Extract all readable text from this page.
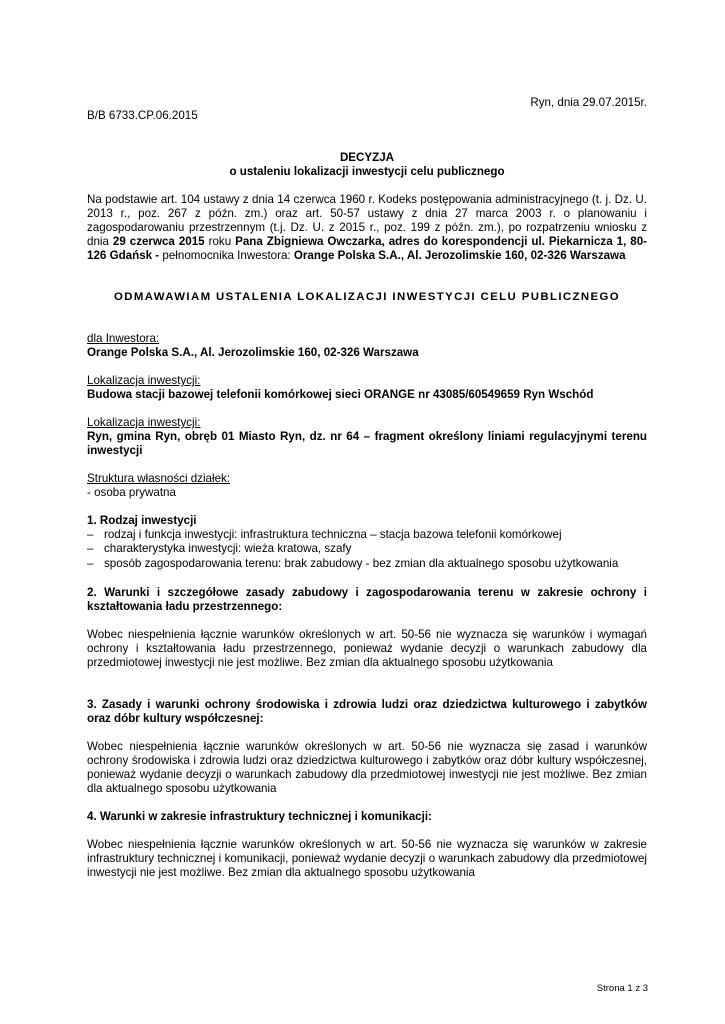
Ryn, dnia 29.07.2015r.
B/B 6733.CP.06.2015
DECYZJA
o ustaleniu lokalizacji inwestycji celu publicznego
Na podstawie art. 104 ustawy z dnia 14 czerwca 1960 r. Kodeks postępowania administracyjnego (t. j. Dz. U. 2013 r., poz. 267 z późn. zm.) oraz art. 50-57 ustawy z dnia 27 marca 2003 r. o planowaniu i zagospodarowaniu przestrzennym (t.j. Dz. U. z 2015 r., poz. 199 z późn. zm.), po rozpatrzeniu wniosku z dnia 29 czerwca 2015 roku Pana Zbigniewa Owczarka, adres do korespondencji ul. Piekarnicza 1, 80-126 Gdańsk - pełnomocnika Inwestora: Orange Polska S.A., Al. Jerozolimskie 160, 02-326 Warszawa
ODMAWAWIAM USTALENIA LOKALIZACJI INWESTYCJI CELU PUBLICZNEGO
dla Inwestora:
Orange Polska S.A., Al. Jerozolimskie 160, 02-326 Warszawa
Lokalizacja inwestycji:
Budowa stacji bazowej telefonii komórkowej sieci ORANGE nr 43085/60549659 Ryn Wschód
Lokalizacja inwestycji:
Ryn, gmina Ryn, obręb 01 Miasto Ryn, dz. nr 64 – fragment określony liniami regulacyjnymi terenu inwestycji
Struktura własności działek:
- osoba prywatna
1. Rodzaj inwestycji
– rodzaj i funkcja inwestycji: infrastruktura techniczna – stacja bazowa telefonii komórkowej
– charakterystyka inwestycji: wieża kratowa, szafy
– sposób zagospodarowania terenu: brak zabudowy - bez zmian dla aktualnego sposobu użytkowania
2. Warunki i szczegółowe zasady zabudowy i zagospodarowania terenu w zakresie ochrony i kształtowania ładu przestrzennego:
Wobec niespełnienia łącznie warunków określonych w art. 50-56 nie wyznacza się warunków i wymagań ochrony i kształtowania ładu przestrzennego, ponieważ wydanie decyzji o warunkach zabudowy dla przedmiotowej inwestycji nie jest możliwe. Bez zmian dla aktualnego sposobu użytkowania
3. Zasady i warunki ochrony środowiska i zdrowia ludzi oraz dziedzictwa kulturowego i zabytków oraz dóbr kultury współczesnej:
Wobec niespełnienia łącznie warunków określonych w art. 50-56 nie wyznacza się zasad i warunków ochrony środowiska i zdrowia ludzi oraz dziedzictwa kulturowego i zabytków oraz dóbr kultury współczesnej, ponieważ wydanie decyzji o warunkach zabudowy dla przedmiotowej inwestycji nie jest możliwe. Bez zmian dla aktualnego sposobu użytkowania
4. Warunki w zakresie infrastruktury technicznej i komunikacji:
Wobec niespełnienia łącznie warunków określonych w art. 50-56 nie wyznacza się warunków w zakresie infrastruktury technicznej i komunikacji, ponieważ wydanie decyzji o warunkach zabudowy dla przedmiotowej inwestycji nie jest możliwe. Bez zmian dla aktualnego sposobu użytkowania
Strona 1 z 3
